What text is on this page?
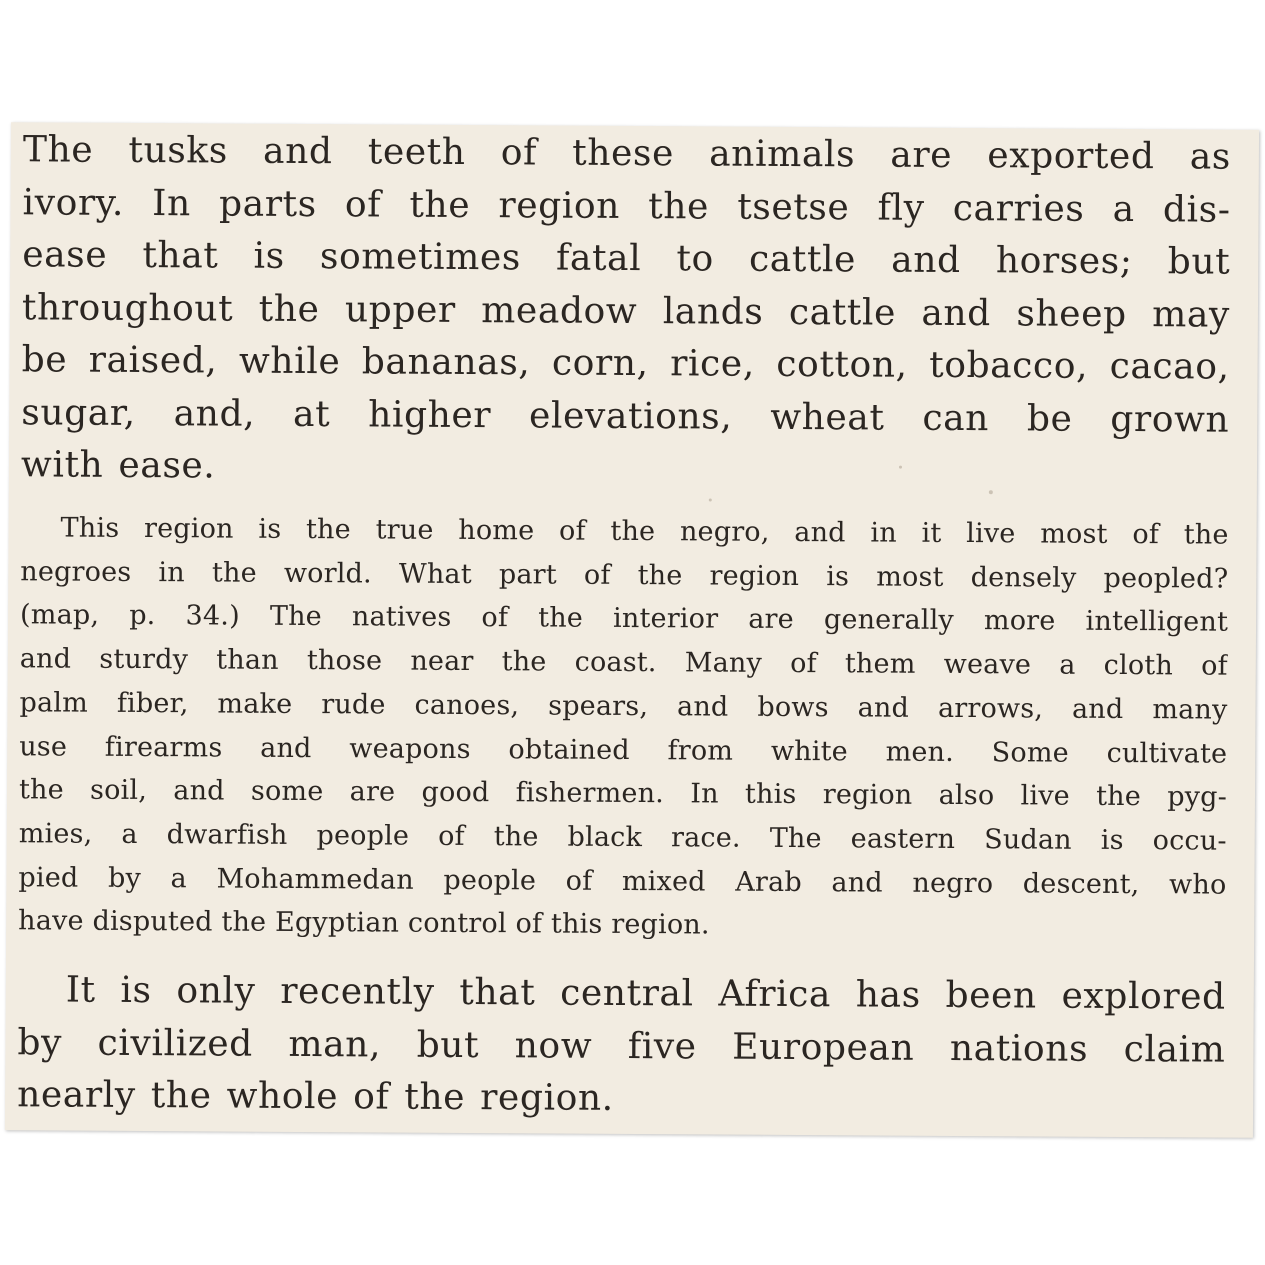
The tusks and teeth of these animals are exported as
ivory. In parts of the region the tsetse fly carries a dis-
ease that is sometimes fatal to cattle and horses; but
throughout the upper meadow lands cattle and sheep may
be raised, while bananas, corn, rice, cotton, tobacco, cacao,
sugar, and, at higher elevations, wheat can be grown
with ease.
This region is the true home of the negro, and in it live most of the
negroes in the world. What part of the region is most densely peopled?
(map, p. 34.) The natives of the interior are generally more intelligent
and sturdy than those near the coast. Many of them weave a cloth of
palm fiber, make rude canoes, spears, and bows and arrows, and many
use firearms and weapons obtained from white men. Some cultivate
the soil, and some are good fishermen. In this region also live the pyg-
mies, a dwarfish people of the black race. The eastern Sudan is occu-
pied by a Mohammedan people of mixed Arab and negro descent, who
have disputed the Egyptian control of this region.
It is only recently that central Africa has been explored
by civilized man, but now five European nations claim
nearly the whole of the region.
